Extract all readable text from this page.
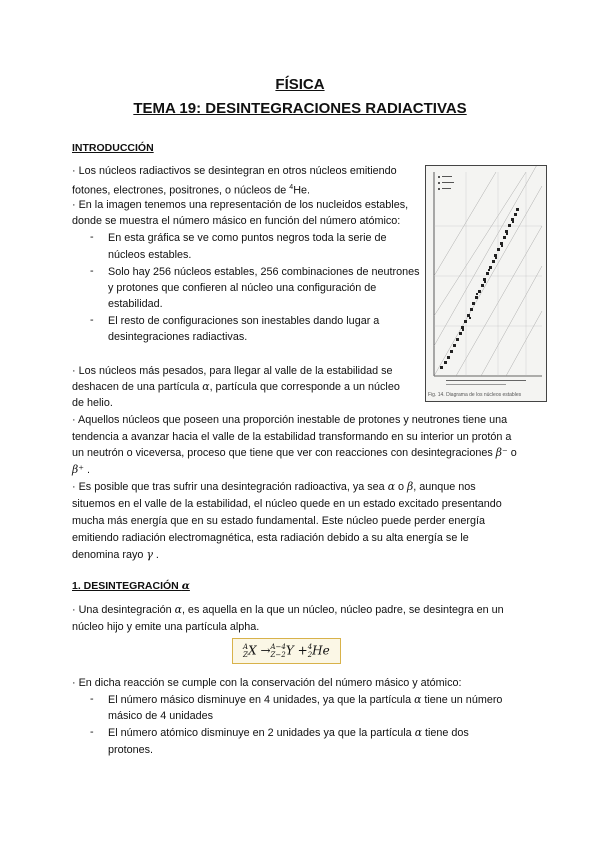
FÍSICA
TEMA 19: DESINTEGRACIONES RADIACTIVAS
INTRODUCCIÓN
· Los núcleos radiactivos se desintegran en otros núcleos emitiendo
fotones, electrones, positrones, o núcleos de $^4$He.
· En la imagen tenemos una representación de los nucleidos estables,
donde se muestra el número másico en función del número atómico:
- En esta gráfica se ve como puntos negros toda la serie de
núcleos estables.
- Solo hay 256 núcleos estables, 256 combinaciones de neutrones
y protones que confieren al núcleo una configuración de
estabilidad.
- El resto de configuraciones son inestables dando lugar a
desintegraciones radiactivas.
· Los núcleos más pesados, para llegar al valle de la estabilidad se
deshacen de una partícula α, partícula que corresponde a un núcleo
de helio.
Fig. 14. Diagrama de los núcleos estables
· Aquellos núcleos que poseen una proporción inestable de protones y neutrones tiene una
tendencia a avanzar hacia el valle de la estabilidad transformando en su interior un protón a
un neutrón o viceversa, proceso que tiene que ver con reacciones con desintegraciones β⁻ o
β⁺ .
· Es posible que tras sufrir una desintegración radioactiva, ya sea α o β, aunque nos
situemos en el valle de la estabilidad, el núcleo quede en un estado excitado presentando
mucha más energía que en su estado fundamental. Este núcleo puede perder energía
emitiendo radiación electromagnética, esta radiación debido a su alta energía se le
denomina rayo γ .
1. DESINTEGRACIÓN α
· Una desintegración α, es aquella en la que un núcleo, núcleo padre, se desintegra en un
núcleo hijo y emite una partícula alpha.
A
Z X → A−4
Z−2 Y + 4
2 He
· En dicha reacción se cumple con la conservación del número másico y atómico:
- El número másico disminuye en 4 unidades, ya que la partícula α tiene un número
másico de 4 unidades
- El número atómico disminuye en 2 unidades ya que la partícula α tiene dos
protones.
